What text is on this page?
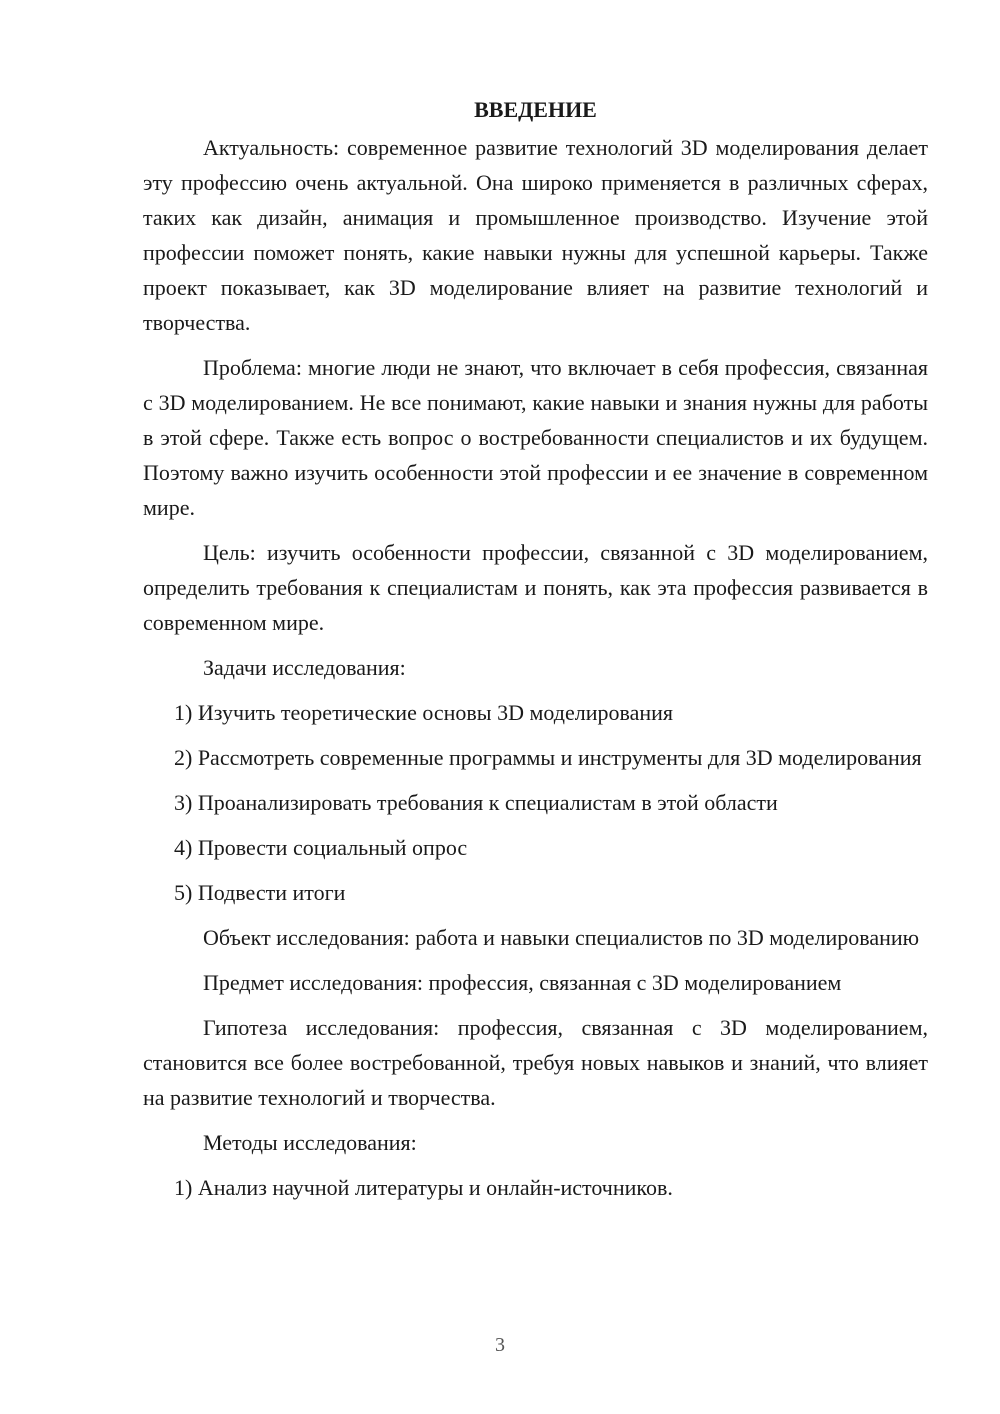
ВВЕДЕНИЕ

Актуальность: современное развитие технологий 3D моделирования делает эту профессию очень актуальной. Она широко применяется в различных сферах, таких как дизайн, анимация и промышленное производство. Изучение этой профессии поможет понять, какие навыки нужны для успешной карьеры. Также проект показывает, как 3D моделирование влияет на развитие технологий и творчества.

Проблема: многие люди не знают, что включает в себя профессия, связанная с 3D моделированием. Не все понимают, какие навыки и знания нужны для работы в этой сфере. Также есть вопрос о востребованности специалистов и их будущем. Поэтому важно изучить особенности этой профессии и ее значение в современном мире.

Цель: изучить особенности профессии, связанной с 3D моделированием, определить требования к специалистам и понять, как эта профессия развивается в современном мире.

Задачи исследования:

1) Изучить теоретические основы 3D моделирования

2) Рассмотреть современные программы и инструменты для 3D моделирования

3) Проанализировать требования к специалистам в этой области

4) Провести социальный опрос

5) Подвести итоги

Объект исследования: работа и навыки специалистов по 3D моделированию

Предмет исследования: профессия, связанная с 3D моделированием

Гипотеза исследования: профессия, связанная с 3D моделированием, становится все более востребованной, требуя новых навыков и знаний, что влияет на развитие технологий и творчества.

Методы исследования:

1) Анализ научной литературы и онлайн-источников.

3
